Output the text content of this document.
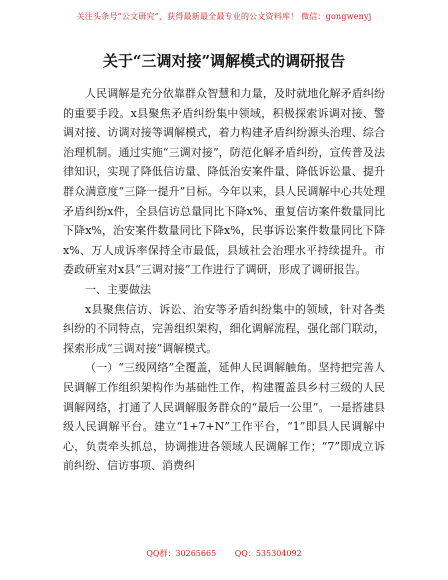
关注头条号“公文研究”，获得最新最全最专业的公文资料库！ 微信：gongwenyj
关于“三调对接”调解模式的调研报告

人民调解是充分依靠群众智慧和力量，及时就地化解矛盾纠纷的重要手段。x县聚焦矛盾纠纷集中领域，积极探索诉调对接、警调对接、访调对接等调解模式，着力构建矛盾纠纷源头治理、综合治理机制。通过实施“三调对接”，防范化解矛盾纠纷，宣传普及法律知识，实现了降低信访量、降低治安案件量、降低诉讼量、提升群众满意度“三降一提升”目标。今年以来，县人民调解中心共处理矛盾纠纷x件，全县信访总量同比下降x%、重复信访案件数量同比下降x%，治安案件数量同比下降x%，民事诉讼案件数量同比下降x%、万人成诉率保持全市最低，县域社会治理水平持续提升。市委政研室对x县“三调对接”工作进行了调研，形成了调研报告。

一、主要做法

x县聚焦信访、诉讼、治安等矛盾纠纷集中的领域，针对各类纠纷的不同特点，完善组织架构，细化调解流程，强化部门联动，探索形成“三调对接”调解模式。

（一）“三级网络”全覆盖，延伸人民调解触角。坚持把完善人民调解工作组织架构作为基础性工作，构建覆盖县乡村三级的人民调解网络，打通了人民调解服务群众的“最后一公里”。一是搭建县级人民调解平台。建立“1+7+N”工作平台，“1”即县人民调解中心，负责牵头抓总，协调推进各领域人民调解工作；“7”即成立诉前纠纷、信访事项、消费纠

QQ群：30265665 QQ：535304092
